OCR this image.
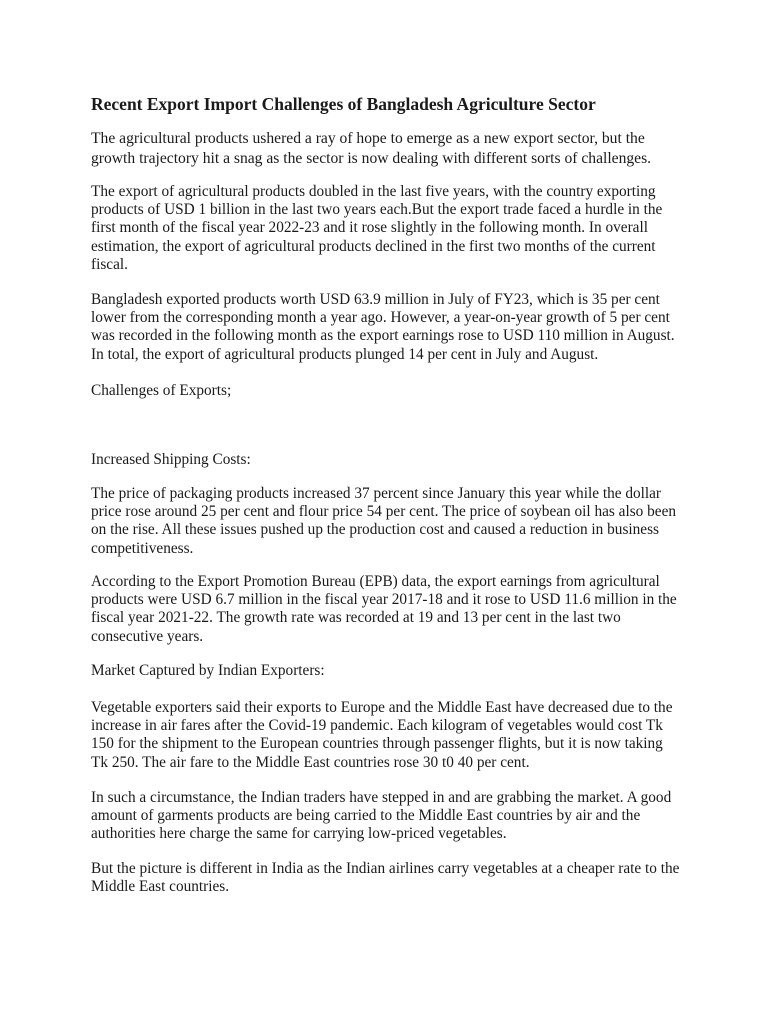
Recent Export Import Challenges of Bangladesh Agriculture Sector

The agricultural products ushered a ray of hope to emerge as a new export sector, but the growth trajectory hit a snag as the sector is now dealing with different sorts of challenges.

The export of agricultural products doubled in the last five years, with the country exporting products of USD 1 billion in the last two years each.But the export trade faced a hurdle in the first month of the fiscal year 2022-23 and it rose slightly in the following month. In overall estimation, the export of agricultural products declined in the first two months of the current fiscal.

Bangladesh exported products worth USD 63.9 million in July of FY23, which is 35 per cent lower from the corresponding month a year ago. However, a year-on-year growth of 5 per cent was recorded in the following month as the export earnings rose to USD 110 million in August. In total, the export of agricultural products plunged 14 per cent in July and August.

Challenges of Exports;

Increased Shipping Costs:

The price of packaging products increased 37 percent since January this year while the dollar price rose around 25 per cent and flour price 54 per cent. The price of soybean oil has also been on the rise. All these issues pushed up the production cost and caused a reduction in business competitiveness.

According to the Export Promotion Bureau (EPB) data, the export earnings from agricultural products were USD 6.7 million in the fiscal year 2017-18 and it rose to USD 11.6 million in the fiscal year 2021-22. The growth rate was recorded at 19 and 13 per cent in the last two consecutive years.

Market Captured by Indian Exporters:

Vegetable exporters said their exports to Europe and the Middle East have decreased due to the increase in air fares after the Covid-19 pandemic. Each kilogram of vegetables would cost Tk 150 for the shipment to the European countries through passenger flights, but it is now taking Tk 250. The air fare to the Middle East countries rose 30 t0 40 per cent.

In such a circumstance, the Indian traders have stepped in and are grabbing the market. A good amount of garments products are being carried to the Middle East countries by air and the authorities here charge the same for carrying low-priced vegetables.

But the picture is different in India as the Indian airlines carry vegetables at a cheaper rate to the Middle East countries.
